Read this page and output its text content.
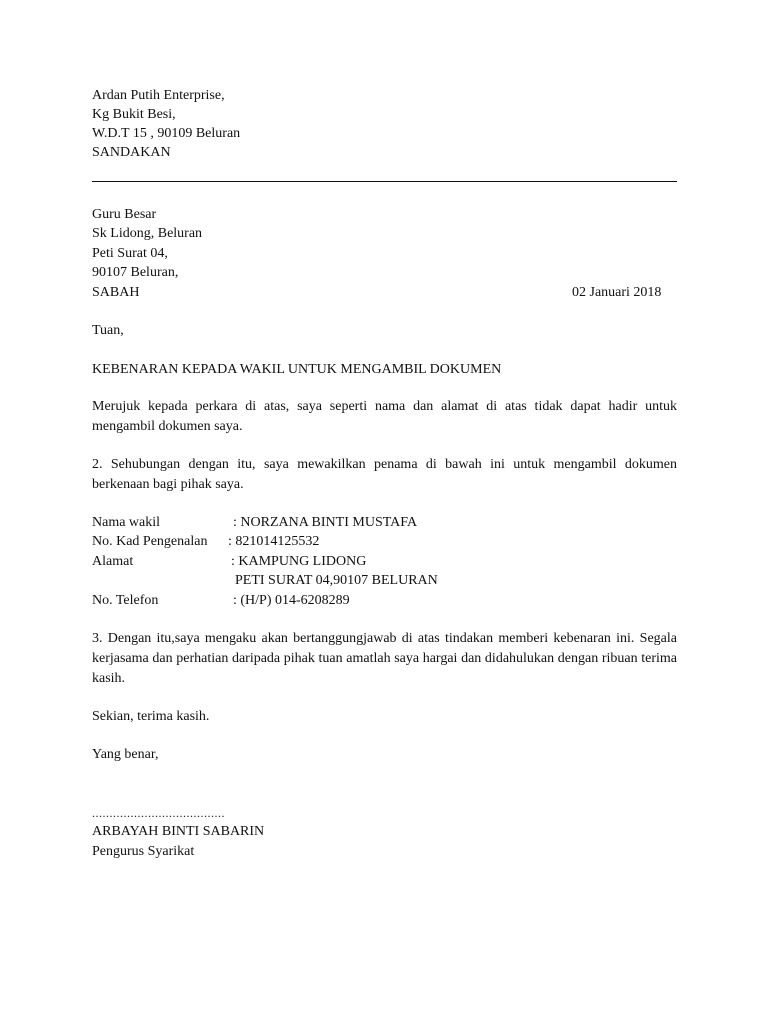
Ardan Putih Enterprise,
Kg Bukit Besi,
W.D.T 15 , 90109 Beluran
SANDAKAN
Guru Besar
Sk Lidong, Beluran
Peti Surat 04,
90107 Beluran,
SABAH	02 Januari 2018
Tuan,
KEBENARAN KEPADA WAKIL UNTUK MENGAMBIL DOKUMEN
Merujuk kepada perkara di atas, saya seperti nama dan alamat di atas tidak dapat hadir untuk mengambil dokumen saya.
2. Sehubungan dengan itu, saya mewakilkan penama di bawah ini untuk mengambil dokumen berkenaan bagi pihak saya.
Nama wakil	: NORZANA BINTI MUSTAFA
No. Kad Pengenalan : 821014125532
Alamat	: KAMPUNG LIDONG
PETI SURAT 04,90107 BELURAN
No. Telefon	: (H/P) 014-6208289
3. Dengan itu,saya mengaku akan bertanggungjawab di atas tindakan memberi kebenaran ini. Segala kerjasama dan perhatian daripada pihak tuan amatlah saya hargai dan didahulukan dengan ribuan terima kasih.
Sekian, terima kasih.
Yang benar,
......................................
ARBAYAH BINTI SABARIN
Pengurus Syarikat
